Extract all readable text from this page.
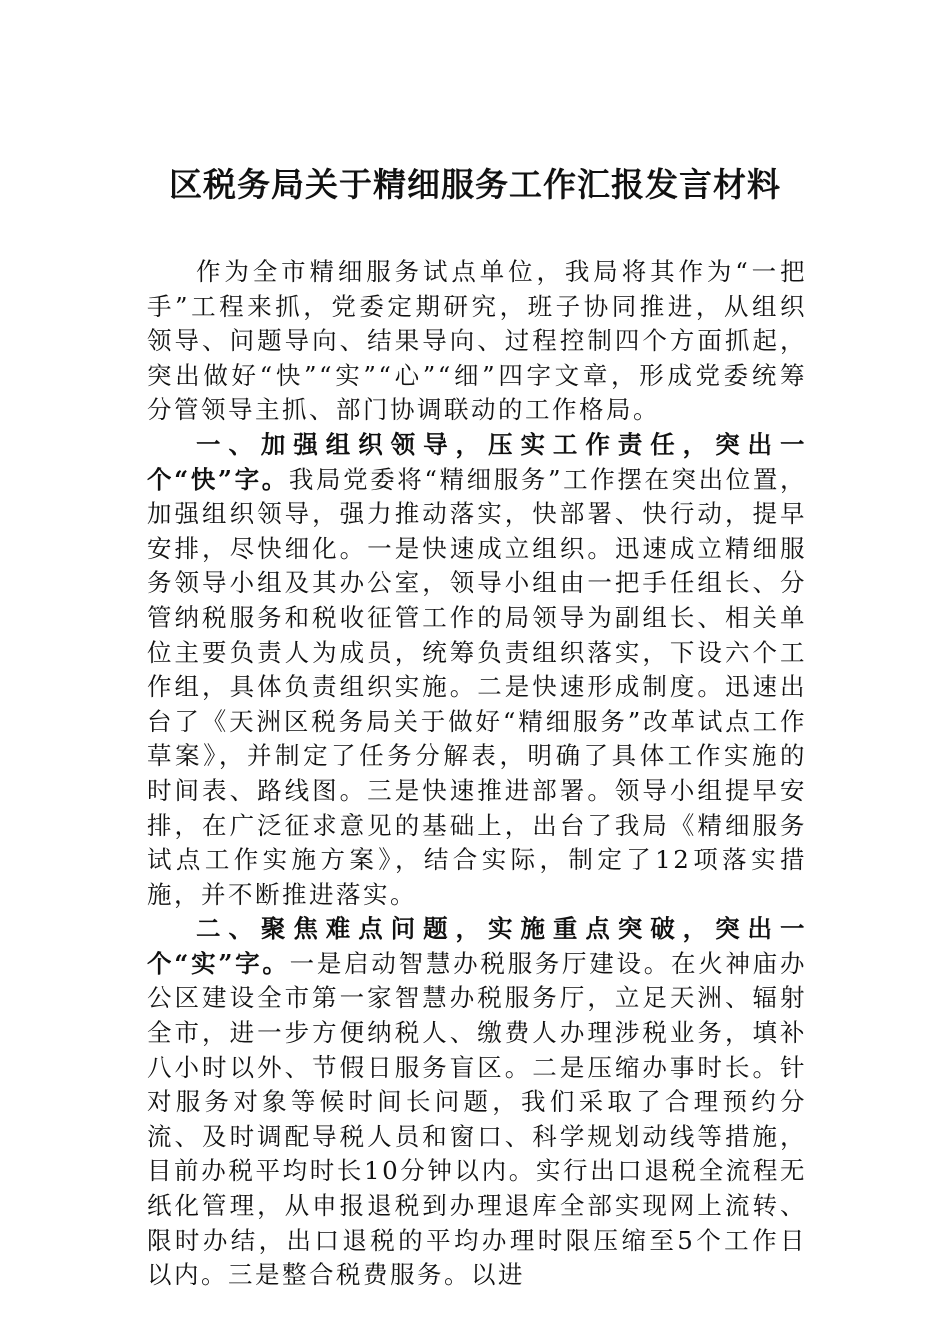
区税务局关于精细服务工作汇报发言材料

作为全市精细服务试点单位，我局将其作为“一把手”工程来抓，党委定期研究，班子协同推进，从组织领导、问题导向、结果导向、过程控制四个方面抓起，突出做好“快”“实”“心”“细”四字文章，形成党委统筹分管领导主抓、部门协调联动的工作格局。

一、加强组织领导，压实工作责任，突出一个“快”字。我局党委将“精细服务”工作摆在突出位置，加强组织领导，强力推动落实，快部署、快行动，提早安排，尽快细化。一是快速成立组织。迅速成立精细服务领导小组及其办公室，领导小组由一把手任组长、分管纳税服务和税收征管工作的局领导为副组长、相关单位主要负责人为成员，统筹负责组织落实，下设六个工作组，具体负责组织实施。二是快速形成制度。迅速出台了《天洲区税务局关于做好“精细服务”改革试点工作草案》，并制定了任务分解表，明确了具体工作实施的时间表、路线图。三是快速推进部署。领导小组提早安排，在广泛征求意见的基础上，出台了我局《精细服务试点工作实施方案》，结合实际，制定了12项落实措施，并不断推进落实。

二、聚焦难点问题，实施重点突破，突出一个“实”字。一是启动智慧办税服务厅建设。在火神庙办公区建设全市第一家智慧办税服务厅，立足天洲、辐射全市，进一步方便纳税人、缴费人办理涉税业务，填补八小时以外、节假日服务盲区。二是压缩办事时长。针对服务对象等候时间长问题，我们采取了合理预约分流、及时调配导税人员和窗口、科学规划动线等措施，目前办税平均时长10分钟以内。实行出口退税全流程无纸化管理，从申报退税到办理退库全部实现网上流转、限时办结，出口退税的平均办理时限压缩至5个工作日以内。三是整合税费服务。以进
